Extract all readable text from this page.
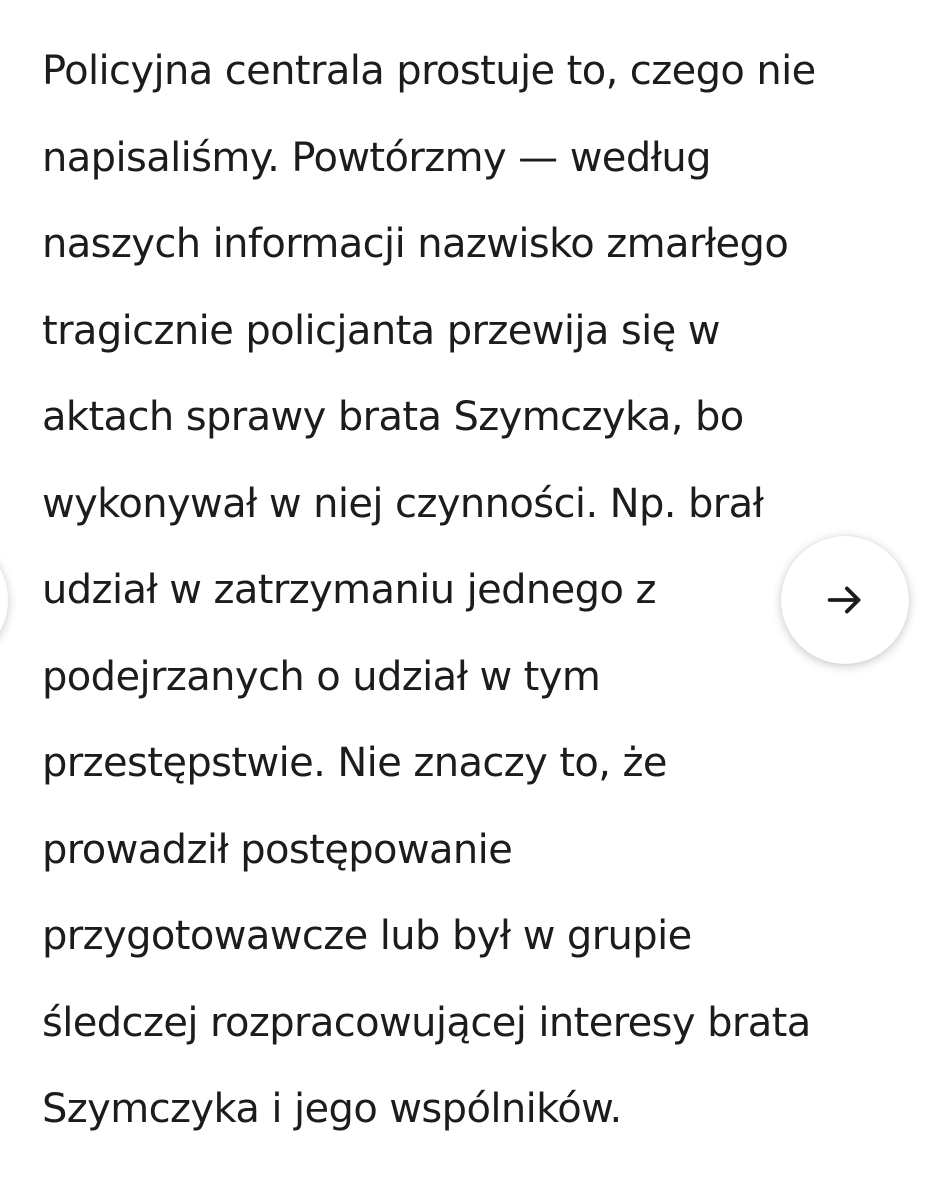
Policyjna centrala prostuje to, czego nie
napisaliśmy. Powtórzmy — według
naszych informacji nazwisko zmarłego
tragicznie policjanta przewija się w
aktach sprawy brata Szymczyka, bo
wykonywał w niej czynności. Np. brał
udział w zatrzymaniu jednego z
podejrzanych o udział w tym
przestępstwie. Nie znaczy to, że
prowadził postępowanie
przygotowawcze lub był w grupie
śledczej rozpracowującej interesy brata
Szymczyka i jego wspólników.
